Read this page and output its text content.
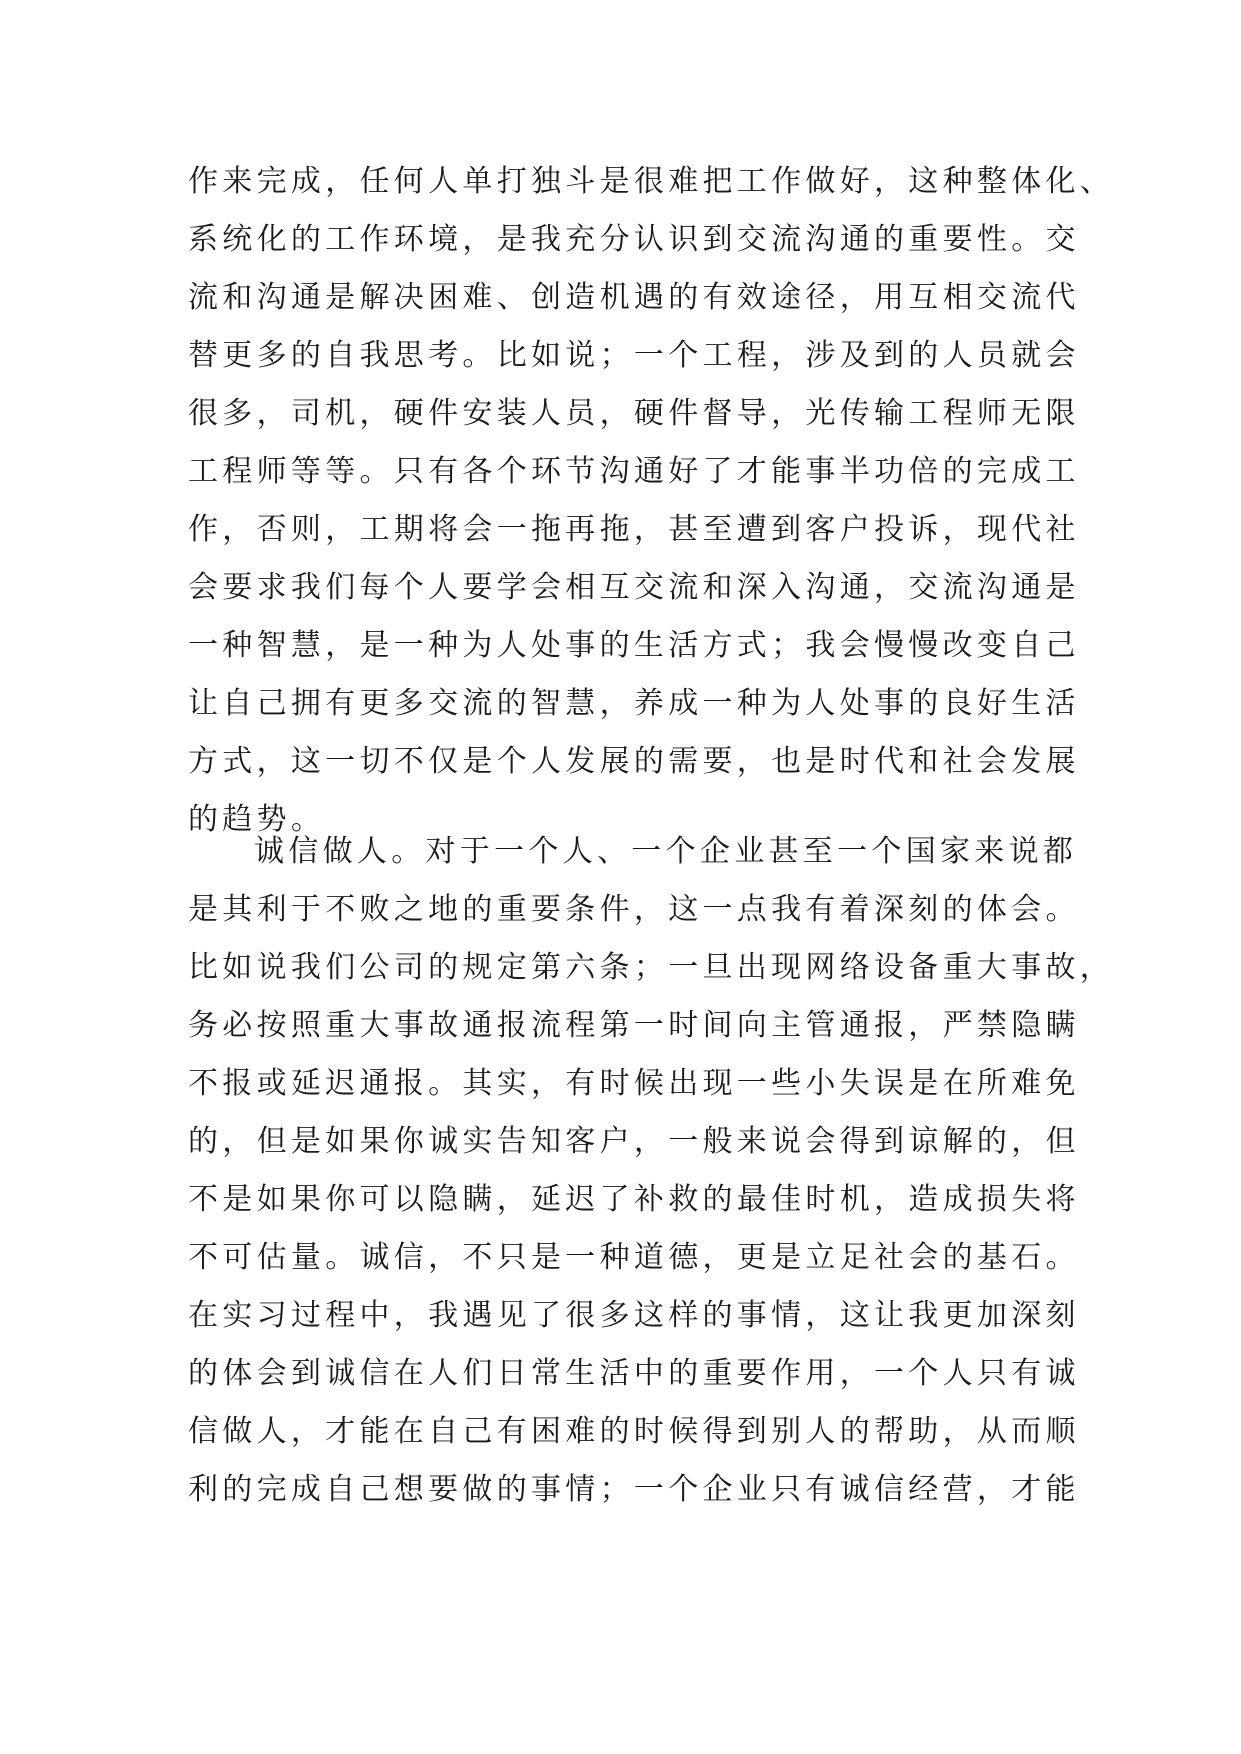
作来完成，任何人单打独斗是很难把工作做好，这种整体化、
系统化的工作环境，是我充分认识到交流沟通的重要性。交
流和沟通是解决困难、创造机遇的有效途径，用互相交流代
替更多的自我思考。比如说；一个工程，涉及到的人员就会
很多，司机，硬件安装人员，硬件督导，光传输工程师无限
工程师等等。只有各个环节沟通好了才能事半功倍的完成工
作，否则，工期将会一拖再拖，甚至遭到客户投诉，现代社
会要求我们每个人要学会相互交流和深入沟通，交流沟通是
一种智慧，是一种为人处事的生活方式；我会慢慢改变自己
让自己拥有更多交流的智慧，养成一种为人处事的良好生活
方式，这一切不仅是个人发展的需要，也是时代和社会发展
的趋势。
诚信做人。对于一个人、一个企业甚至一个国家来说都
是其利于不败之地的重要条件，这一点我有着深刻的体会。
比如说我们公司的规定第六条；一旦出现网络设备重大事故，
务必按照重大事故通报流程第一时间向主管通报，严禁隐瞒
不报或延迟通报。其实，有时候出现一些小失误是在所难免
的，但是如果你诚实告知客户，一般来说会得到谅解的，但
不是如果你可以隐瞒，延迟了补救的最佳时机，造成损失将
不可估量。诚信，不只是一种道德，更是立足社会的基石。
在实习过程中，我遇见了很多这样的事情，这让我更加深刻
的体会到诚信在人们日常生活中的重要作用，一个人只有诚
信做人，才能在自己有困难的时候得到别人的帮助，从而顺
利的完成自己想要做的事情；一个企业只有诚信经营，才能
